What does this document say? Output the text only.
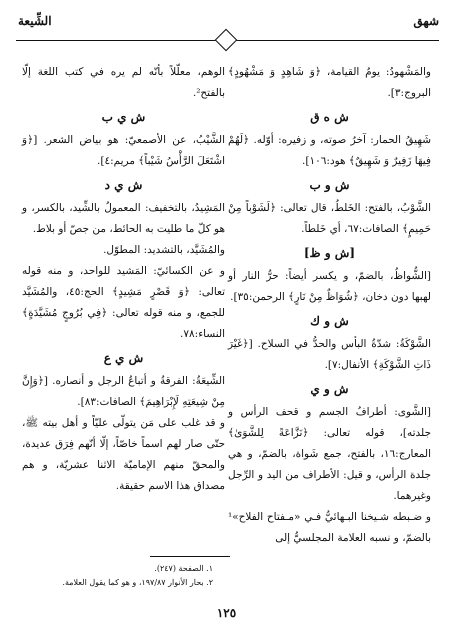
شهق
الشِّيعة

والمَشْهودُ: يومُ القيامة، ﴿وَ شَاهِدٍ وَ مَشْهُودٍ﴾ البروج:٣].

ش ه ق

شَهِيقُ الحمار: آخرُ صوته، و زفيره: أوّله. ﴿لَهُمْ فِيهَا زَفِيرٌ وَ شَهِيقٌ﴾ هود:١٠٦].

ش و ب

الشَّوْبُ، بالفتح: الخَلطُ، قال تعالى: ﴿لَشَوْباً مِنْ حَمِيمٍ﴾ الصافات:٦٧، أي خَلطاً.

[ش و ظ]

[الشُّواظُ، بالضمّ، و يكسر أيضاً: حرُّ النار أو لهبها دون دخان، ﴿شُوَاظٌ مِنْ نَارٍ﴾ الرحمن:٣٥].

ش و ك

الشَّوْكَةُ: شدّةُ البأس والحدُّ في السلاح. [﴿غَيْرَ ذَاتِ الشَّوْكَةِ﴾ الأنفال:٧].

ش و ي

[الشَّوى: أطرافُ الجسم و قحف الرأس و جلدته]، قوله تعالى: ﴿نَزَّاعَةً لِلشَّوَىٰ﴾ المعارج:١٦، بالفتح، جمع شَواة، بالضمّ، و هي جلدة الرأس، و قيل: الأطراف من اليد و الرِّجل وغيرهما.

و ضـبطه شـيخنا البـهائيُّ فـي «مـفتاح الفلاح»¹ بالضمّ، و نسبه العلامة المجلسيُّ إلى

الوهم، معلّلاً بأنّه لم يره في كتب اللغة إلّا بالفتح².

ش ي ب

الشَّيْبُ، عن الأصمعيّ: هو بياض الشعر. [﴿وَ اشْتَعَلَ الرَّأْسُ شَيْباً﴾ مريم:٤].

ش ي د

المَشِيدُ، بالتخفيف: المعمولُ بالشِّيد، بالكسر، و هو كلّ ما طليت به الحائط، من جصّ أو بلاط.

والمُشَيَّد، بالتشديد: المطوّل.

و عن الكسائيّ: المَشيد للواحد، و منه قوله تعالى: ﴿وَ قَصْرٍ مَشِيدٍ﴾ الحج:٤٥، والمُشَيَّد للجمع، و منه قوله تعالى: ﴿فِي بُرُوجٍ مُشَيَّدَةٍ﴾ النساء:٧٨.

ش ي ع

الشِّيعَةُ: الفرقةُ و أتباعُ الرجل و أنصاره. [﴿وَإِنَّ مِنْ شِيعَتِهِ لَإِبْرَاهِيمَ﴾ الصافات:٨٣].

و قد غلب على مَن يتولّى عليّاً و أهل بيته ﷺ، حتّى صار لهم اسماً خاصّاً، إلّا أنّهم فِرَق عديدة، والمحقّ منهم الإماميّة الاثنا عشريّة، و هم مصداق هذا الاسم حقيقة.

١. الصفحة (٢٤٧).
٢. بحار الأنوار ١٩٧/٨٧، و هو كما يقول العلامة.
١٢٥
